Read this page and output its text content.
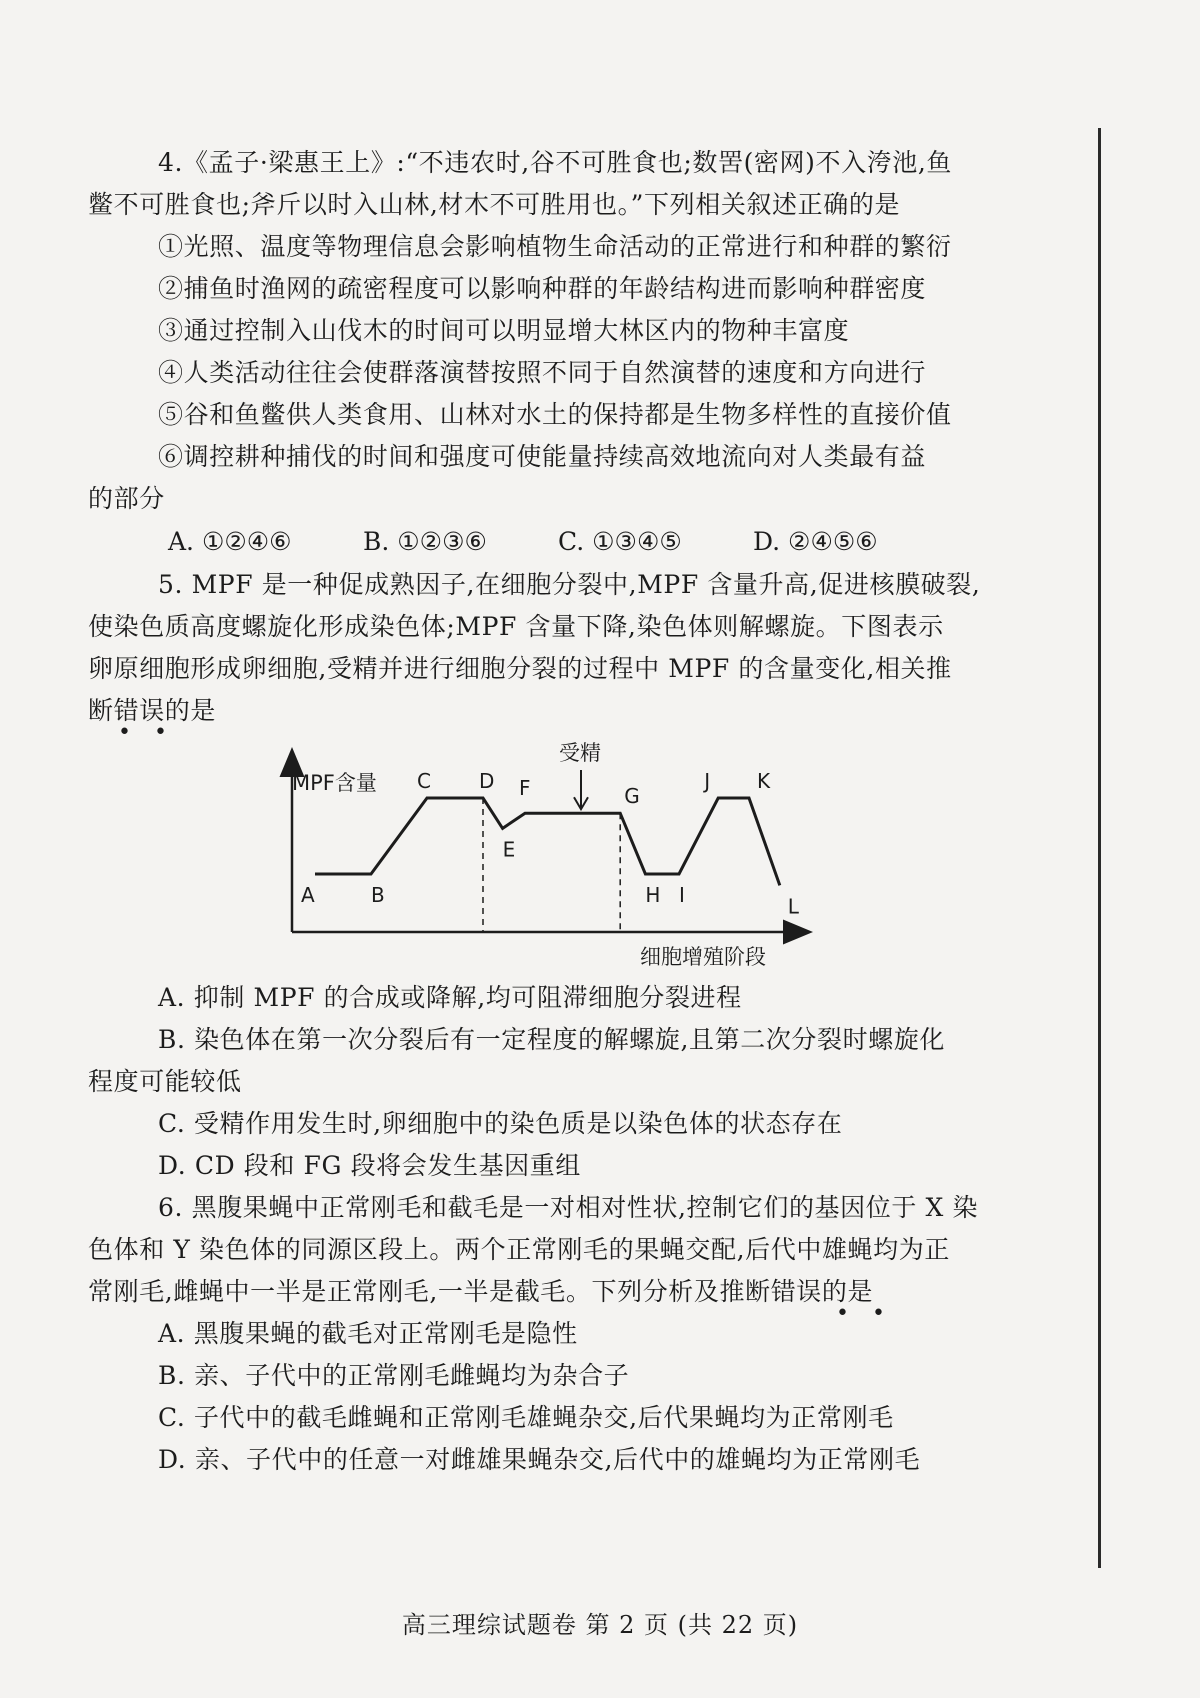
4.《孟子·梁惠王上》:“不违农时,谷不可胜食也;数罟(密网)不入洿池,鱼
鳖不可胜食也;斧斤以时入山林,材木不可胜用也。”下列相关叙述正确的是
①光照、温度等物理信息会影响植物生命活动的正常进行和种群的繁衍
②捕鱼时渔网的疏密程度可以影响种群的年龄结构进而影响种群密度
③通过控制入山伐木的时间可以明显增大林区内的物种丰富度
④人类活动往往会使群落演替按照不同于自然演替的速度和方向进行
⑤谷和鱼鳖供人类食用、山林对水土的保持都是生物多样性的直接价值
⑥调控耕种捕伐的时间和强度可使能量持续高效地流向对人类最有益
的部分
A. ①②④⑥	B. ①②③⑥	C. ①③④⑤	D. ②④⑤⑥
5. MPF 是一种促成熟因子,在细胞分裂中,MPF 含量升高,促进核膜破裂,
使染色质高度螺旋化形成染色体;MPF 含量下降,染色体则解螺旋。下图表示
卵原细胞形成卵细胞,受精并进行细胞分裂的过程中 MPF 的含量变化,相关推
断错误的是
• •
MPF含量
细胞增殖阶段
A	B
C D
E
F	G
H I
J K
L
受精
A. 抑制 MPF 的合成或降解,均可阻滞细胞分裂进程
B. 染色体在第一次分裂后有一定程度的解螺旋,且第二次分裂时螺旋化
程度可能较低
C. 受精作用发生时,卵细胞中的染色质是以染色体的状态存在
D. CD 段和 FG 段将会发生基因重组
6. 黑腹果蝇中正常刚毛和截毛是一对相对性状,控制它们的基因位于 X 染
色体和 Y 染色体的同源区段上。两个正常刚毛的果蝇交配,后代中雄蝇均为正
常刚毛,雌蝇中一半是正常刚毛,一半是截毛。下列分析及推断错误的是
• •
A. 黑腹果蝇的截毛对正常刚毛是隐性
B. 亲、子代中的正常刚毛雌蝇均为杂合子
C. 子代中的截毛雌蝇和正常刚毛雄蝇杂交,后代果蝇均为正常刚毛
D. 亲、子代中的任意一对雌雄果蝇杂交,后代中的雄蝇均为正常刚毛
高三理综试题卷 第 2 页 (共 22 页)
